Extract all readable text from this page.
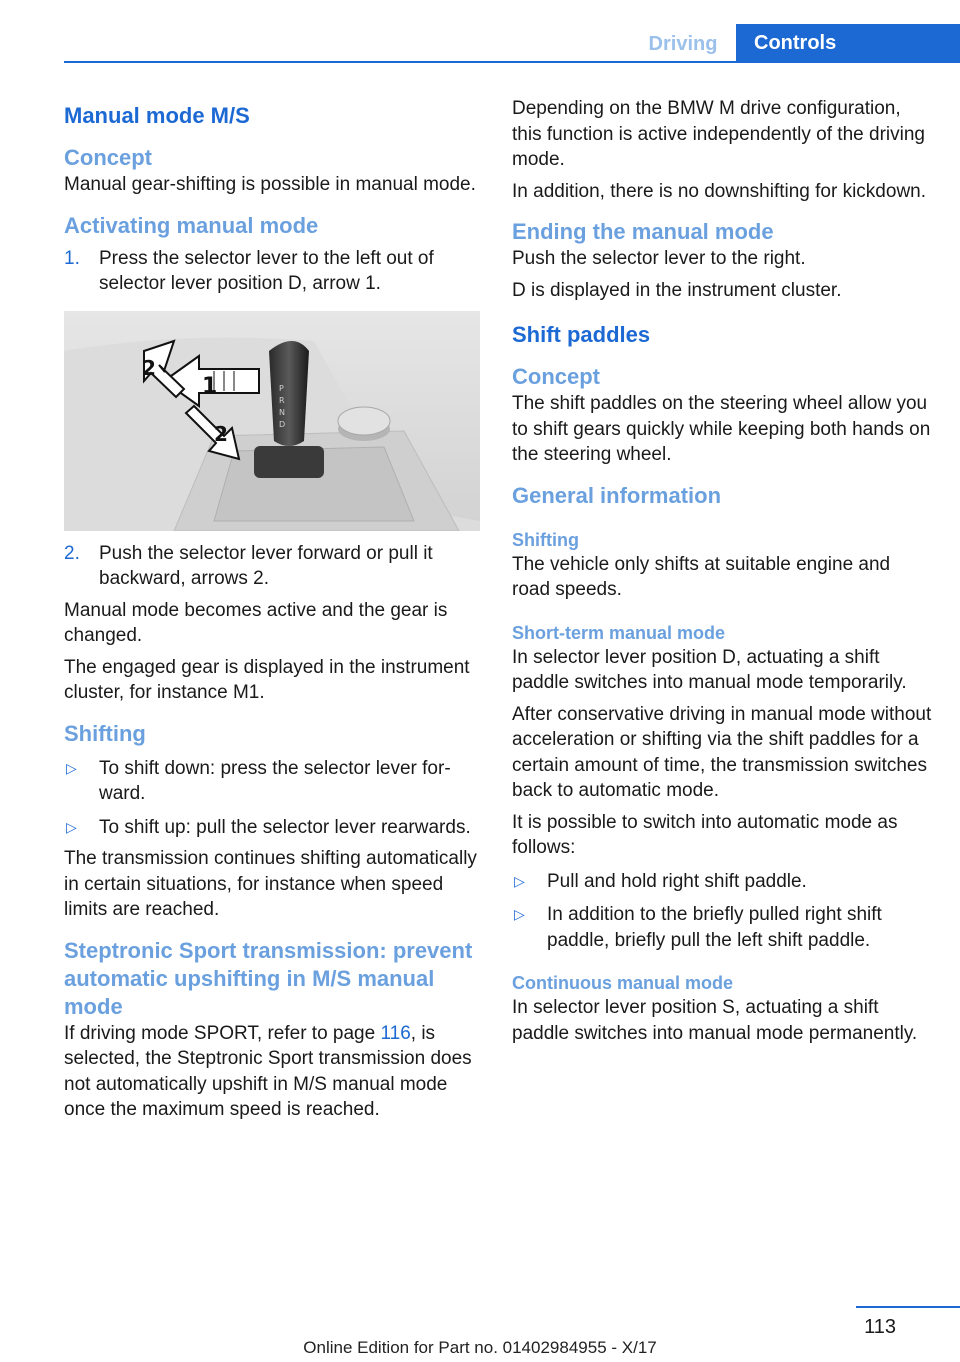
Driving	Controls
Manual mode M/S
Concept

Manual gear-shifting is possible in manual mode.

Activating manual mode
1. Press the selector lever to the left out of selector lever position D, arrow 1.
P
R
N
D
1
2
2
2. Push the selector lever forward or pull it backward, arrows 2.

Manual mode becomes active and the gear is changed.

The engaged gear is displayed in the instrument cluster, for instance M1.

Shifting
▷ To shift down: press the selector lever forward.
▷ To shift up: pull the selector lever rearwards.

The transmission continues shifting automatically in certain situations, for instance when speed limits are reached.

Steptronic Sport transmission: prevent automatic upshifting in M/S manual mode

If driving mode SPORT, refer to page 116, is selected, the Steptronic Sport transmission does not automatically upshift in M/S manual mode once the maximum speed is reached.

Depending on the BMW M drive configuration, this function is active independently of the driving mode.

In addition, there is no downshifting for kickdown.

Ending the manual mode

Push the selector lever to the right.

D is displayed in the instrument cluster.

Shift paddles
Concept

The shift paddles on the steering wheel allow you to shift gears quickly while keeping both hands on the steering wheel.

General information
Shifting

The vehicle only shifts at suitable engine and road speeds.

Short-term manual mode

In selector lever position D, actuating a shift paddle switches into manual mode temporarily.

After conservative driving in manual mode without acceleration or shifting via the shift paddles for a certain amount of time, the transmission switches back to automatic mode.

It is possible to switch into automatic mode as follows:

▷ Pull and hold right shift paddle.
▷ In addition to the briefly pulled right shift paddle, briefly pull the left shift paddle.
Continuous manual mode

In selector lever position S, actuating a shift paddle switches into manual mode permanently.

113
Online Edition for Part no. 01402984955 - X/17
